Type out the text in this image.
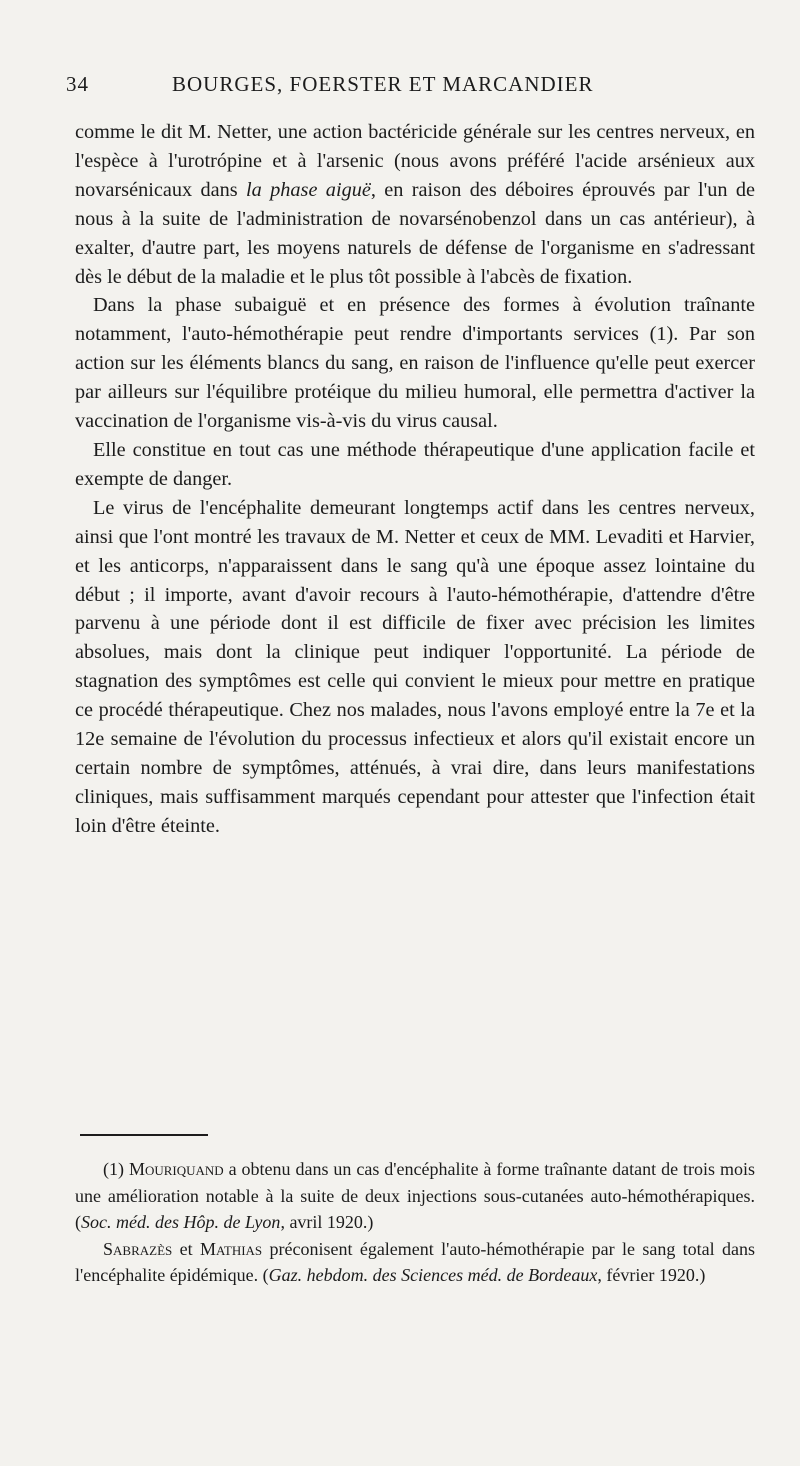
34	BOURGES, FOERSTER ET MARCANDIER

comme le dit M. Netter, une action bactéricide générale sur les centres nerveux, en l'espèce à l'urotrópine et à l'arsenic (nous avons préféré l'acide arsénieux aux novarsénicaux dans la phase aiguë, en raison des déboires éprouvés par l'un de nous à la suite de l'administration de novarsénobenzol dans un cas antérieur), à exalter, d'autre part, les moyens naturels de défense de l'organisme en s'adressant dès le début de la maladie et le plus tôt possible à l'abcès de fixation.

Dans la phase subaiguë et en présence des formes à évolution traînante notamment, l'auto-hémothérapie peut rendre d'importants services (1). Par son action sur les éléments blancs du sang, en raison de l'influence qu'elle peut exercer par ailleurs sur l'équilibre protéique du milieu humoral, elle permettra d'activer la vaccination de l'organisme vis-à-vis du virus causal.

Elle constitue en tout cas une méthode thérapeutique d'une application facile et exempte de danger.

Le virus de l'encéphalite demeurant longtemps actif dans les centres nerveux, ainsi que l'ont montré les travaux de M. Netter et ceux de MM. Levaditi et Harvier, et les anticorps, n'apparaissent dans le sang qu'à une époque assez lointaine du début ; il importe, avant d'avoir recours à l'auto-hémothérapie, d'attendre d'être parvenu à une période dont il est difficile de fixer avec précision les limites absolues, mais dont la clinique peut indiquer l'opportunité. La période de stagnation des symptômes est celle qui convient le mieux pour mettre en pratique ce procédé thérapeutique. Chez nos malades, nous l'avons employé entre la 7e et la 12e semaine de l'évolution du processus infectieux et alors qu'il existait encore un certain nombre de symptômes, atténués, à vrai dire, dans leurs manifestations cliniques, mais suffisamment marqués cependant pour attester que l'infection était loin d'être éteinte.

(1) Mouriquand a obtenu dans un cas d'encéphalite à forme traînante datant de trois mois une amélioration notable à la suite de deux injections sous-cutanées auto-hémothérapiques. (Soc. méd. des Hôp. de Lyon, avril 1920.)

Sabrazès et Mathias préconisent également l'auto-hémothérapie par le sang total dans l'encéphalite épidémique. (Gaz. hebdom. des Sciences méd. de Bordeaux, février 1920.)
